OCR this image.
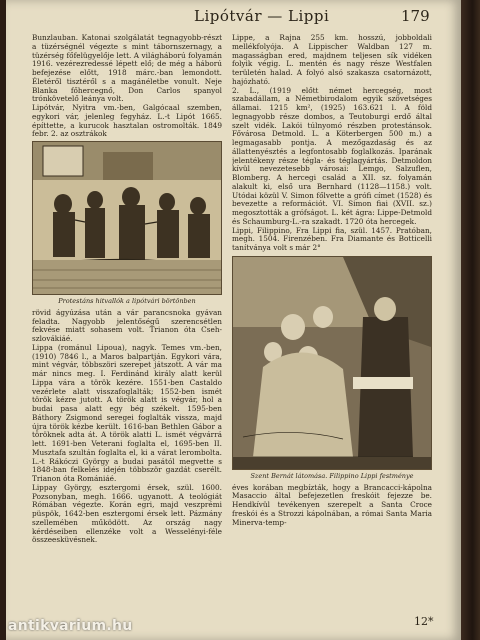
Lipótvár — Lippi	179

Bunzlauban. Katonai szolgálatát tegnagyobb-részt a tüzérségnél végezte s mint tábornszernagy, a tüzérség főfelügyelője lett. A világháború folyamán 1916. vezérezredessé lépett elő; de még a háború befejezése előtt, 1918 márc.-ban lemondott. Életéről tisztéről s a magánéletbe vonult. Neje Blanka főhercegnő, Don Carlos spanyol trónkövetelő leánya volt.

Lipótvár, Nyitra vm.-ben, Galgócaal szemben, egykori vár, jelenleg fegyház. L.-t Lipót 1665. építtette, a kurucok hasztalan ostromolták. 1849 febr. 2. az osztrákok

Protestáns hitvallók a lipótvári börtönben

rövid ágyúzása után a vár parancsnoka gyávan feladta. Nagyobb jelentőségű szerencsétlen fekvése miatt sohasem volt. Trianon óta Cseh-szlovákiáé.

Lippa (románul Lipoua), nagyk. Temes vm.-ben, (1910) 7846 l., a Maros balpartján. Egykori vára, mint végvár, többszöri szerepet játszott. A vár ma már nincs meg. I. Ferdinánd király alatt kerül Lippa vára a török kezére. 1551-ben Castaldo vezérlete alatt visszafoglalták; 1552-ben ismét török kézre jutott. A török alatt is végvár, hol a budai pasa alatt egy bég székelt. 1595-ben Báthory Zsigmond seregei foglalták vissza, majd újra török kézbe került. 1616-ban Bethlen Gábor a töröknek adta át. A török alatti L. ismét végvárrá lett. 1691-ben Veterani foglalta el, 1695-ben II. Musztafa szultán foglalta el, ki a várat lerombolta. L.-t Rákóczi György a budai pasától megvette s 1848-ban felkelés idején többször gazdát cserélt. Trianon óta Romániáé.

Lippay György, esztergomi érsek, szül. 1600. Pozsonyban, megh. 1666. ugyanott. A teológiát Rómában végezte. Korán egri, majd veszprémi püspök, 1642-ben esztergomi érsek lett. Pázmány szellemében működött. Az ország nagy kérdéseiben ellenzéke volt a Wesselényi-féle összeesküvésnek.

Lippe, a Rajna 255 km. hosszú, jobboldali mellékfolyója. A Lippischer Waldban 127 m. magasságban ered, majdnem teljesen sík vidéken folyik végig. L. mentén és nagy része Westfalen területén halad. A folyó alsó szakasza csatornázott, hajózható.

2. L., (1919 előtt német hercegség, most szabadállam, a Németbirodalom egyik szövetséges államai. 1215 km², (1925) 163.621 l. A föld legnagyobb része dombos, a Teutoburgi erdő által szelt vidék. Lakói túlnyomó részben protestánsok. Fővárosa Detmold. L. a Köterbergen 500 m.) a legmagasabb pontja. A mezőgazdaság és az állattenyésztés a legfontosabb foglalkozás. Iparának jelentékeny része tégla- és téglagyártás. Detmoldon kívül nevezetesebb városai: Lemgo, Salzuflen, Blomberg. A hercegi család a XII. sz. folyamán alakult ki, első ura Bernhard (1128—1158.) volt. Utódai közül V. Simon főlvette a grófi címet (1528) és bevezette a reformációt. VI. Simon fiai (XVII. sz.) megosztották a grófságot. L. két ágra: Lippe-Detmold és Schaumburg-L.-ra szakadt. 1720 óta hercegek.

Lippi, Filippino, Fra Lippi fia, szül. 1457. Pratóban, megh. 1504. Firenzében. Fra Diamante és Botticelli tanítványa volt s már 2°

Szent Bernát látomása. Filippino Lippi festménye

éves korában megbízták, hogy a Brancacci-kápolna Masaccio által befejezetlen freskóit fejezze be. Hendkívül tevékenyen szerepelt a Santa Croce freskói és a Strozzi kápolnában, a római Santa Maria Minerva-temp-

12*
antikvarium.hu
